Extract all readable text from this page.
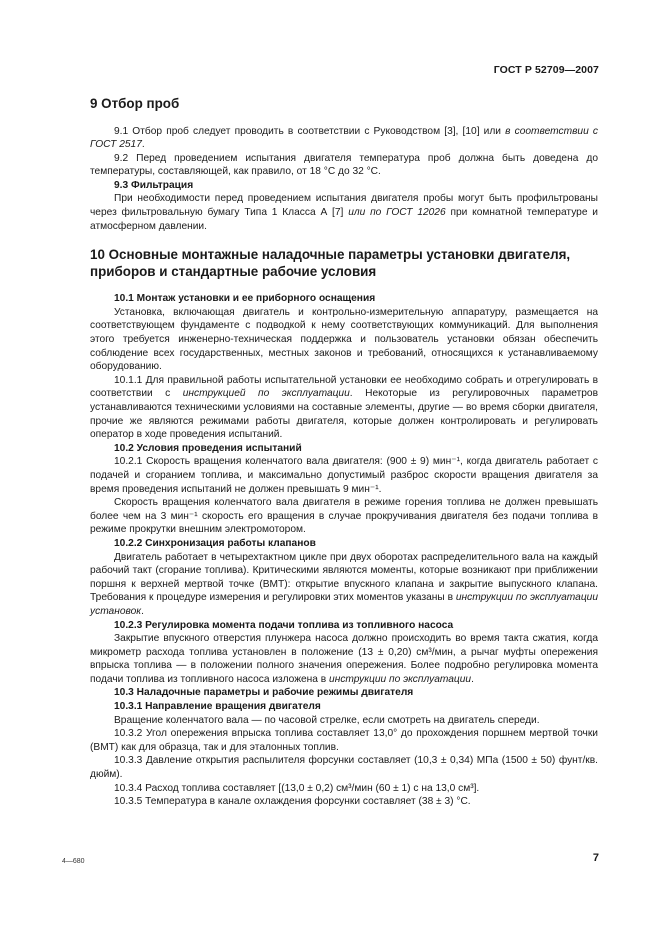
ГОСТ Р 52709—2007
9 Отбор проб

9.1 Отбор проб следует проводить в соответствии с Руководством [3], [10] или в соответствии с ГОСТ 2517.

9.2 Перед проведением испытания двигателя температура проб должна быть доведена до температуры, составляющей, как правило, от 18 °С до 32 °С.

9.3 Фильтрация

При необходимости перед проведением испытания двигателя пробы могут быть профильтрованы через фильтровальную бумагу Типа 1 Класса А [7] или по ГОСТ 12026 при комнатной температуре и атмосферном давлении.

10 Основные монтажные наладочные параметры установки двигателя, приборов и стандартные рабочие условия

10.1 Монтаж установки и ее приборного оснащения

Установка, включающая двигатель и контрольно-измерительную аппаратуру, размещается на соответствующем фундаменте с подводкой к нему соответствующих коммуникаций. Для выполнения этого требуется инженерно-техническая поддержка и пользователь установки обязан обеспечить соблюдение всех государственных, местных законов и требований, относящихся к устанавливаемому оборудованию.

10.1.1 Для правильной работы испытательной установки ее необходимо собрать и отрегулировать в соответствии с инструкцией по эксплуатации. Некоторые из регулировочных параметров устанавливаются техническими условиями на составные элементы, другие — во время сборки двигателя, прочие же являются режимами работы двигателя, которые должен контролировать и регулировать оператор в ходе проведения испытаний.

10.2 Условия проведения испытаний

10.2.1 Скорость вращения коленчатого вала двигателя: (900 ± 9) мин⁻¹, когда двигатель работает с подачей и сгоранием топлива, и максимально допустимый разброс скорости вращения двигателя за время проведения испытаний не должен превышать 9 мин⁻¹.

Скорость вращения коленчатого вала двигателя в режиме горения топлива не должен превышать более чем на 3 мин⁻¹ скорость его вращения в случае прокручивания двигателя без подачи топлива в режиме прокрутки внешним электромотором.

10.2.2 Синхронизация работы клапанов

Двигатель работает в четырехтактном цикле при двух оборотах распределительного вала на каждый рабочий такт (сгорание топлива). Критическими являются моменты, которые возникают при приближении поршня к верхней мертвой точке (ВМТ): открытие впускного клапана и закрытие выпускного клапана. Требования к процедуре измерения и регулировки этих моментов указаны в инструкции по эксплуатации установок.

10.2.3 Регулировка момента подачи топлива из топливного насоса

Закрытие впускного отверстия плунжера насоса должно происходить во время такта сжатия, когда микрометр расхода топлива установлен в положение (13 ± 0,20) см³/мин, а рычаг муфты опережения впрыска топлива — в положении полного значения опережения. Более подробно регулировка момента подачи топлива из топливного насоса изложена в инструкции по эксплуатации.

10.3 Наладочные параметры и рабочие режимы двигателя

10.3.1 Направление вращения двигателя

Вращение коленчатого вала — по часовой стрелке, если смотреть на двигатель спереди.

10.3.2 Угол опережения впрыска топлива составляет 13,0° до прохождения поршнем мертвой точки (ВМТ) как для образца, так и для эталонных топлив.

10.3.3 Давление открытия распылителя форсунки составляет (10,3 ± 0,34) МПа (1500 ± 50) фунт/кв. дюйм).

10.3.4 Расход топлива составляет [(13,0 ± 0,2) см³/мин (60 ± 1) с на 13,0 см³].

10.3.5 Температура в канале охлаждения форсунки составляет (38 ± 3) °С.

4—680	7
